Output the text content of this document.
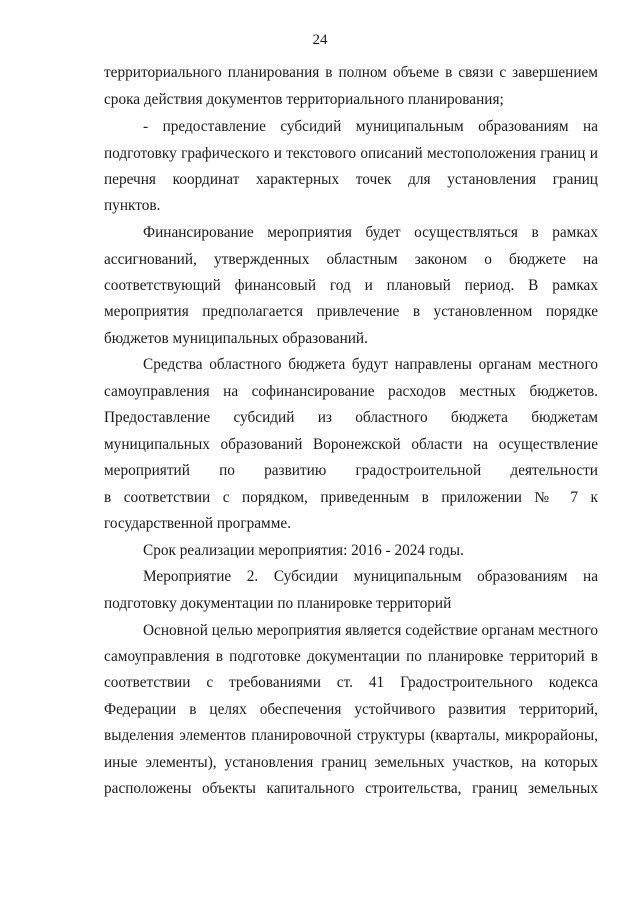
24
территориального планирования в полном объеме в связи с завершением
срока действия документов территориального планирования;
- предоставление субсидий муниципальным образованиям на
подготовку графического и текстового описаний местоположения границ и
перечня координат характерных точек для установления границ
пунктов.
Финансирование мероприятия будет осуществляться в рамках
ассигнований, утвержденных областным законом о бюджете на
соответствующий финансовый год и плановый период. В рамках
мероприятия предполагается привлечение в установленном порядке
бюджетов муниципальных образований.
Средства областного бюджета будут направлены органам местного
самоуправления на софинансирование расходов местных бюджетов.
Предоставление субсидий из областного бюджета бюджетам
муниципальных образований Воронежской области на осуществление
мероприятий по развитию градостроительной деятельности
в соответствии с порядком, приведенным в приложении № 7 к
государственной программе.
Срок реализации мероприятия: 2016 - 2024 годы.
Мероприятие 2. Субсидии муниципальным образованиям на
подготовку документации по планировке территорий
Основной целью мероприятия является содействие органам местного
самоуправления в подготовке документации по планировке территорий в
соответствии с требованиями ст. 41 Градостроительного кодекса
Федерации в целях обеспечения устойчивого развития территорий,
выделения элементов планировочной структуры (кварталы, микрорайоны,
иные элементы), установления границ земельных участков, на которых
расположены объекты капитального строительства, границ земельных
